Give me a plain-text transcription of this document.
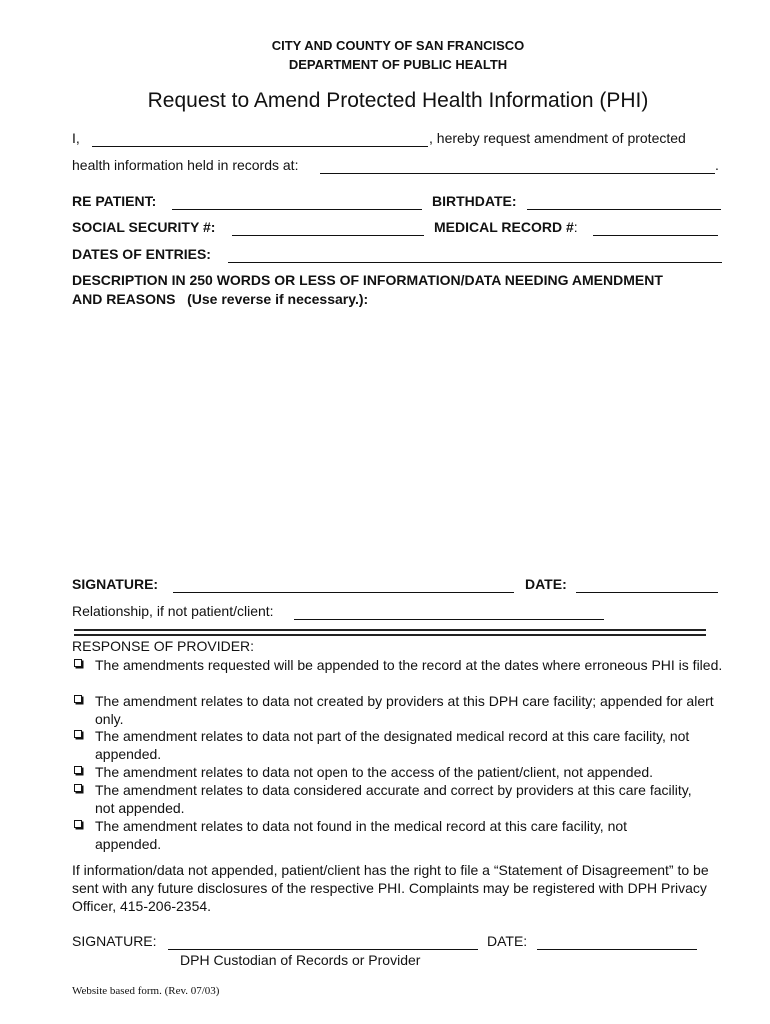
CITY AND COUNTY OF SAN FRANCISCO
DEPARTMENT OF PUBLIC HEALTH
Request to Amend Protected Health Information (PHI)
I,	, hereby request amendment of protected
health information held in records at:	.
RE PATIENT:	BIRTHDATE:
SOCIAL SECURITY #:	MEDICAL RECORD #:
DATES OF ENTRIES:
DESCRIPTION IN 250 WORDS OR LESS OF INFORMATION/DATA NEEDING AMENDMENT
AND REASONS   (Use reverse if necessary.):
SIGNATURE:	DATE:
Relationship, if not patient/client:
RESPONSE OF PROVIDER:
The amendments requested will be appended to the record at the dates where erroneous PHI is filed.
The amendment relates to data not created by providers at this DPH care facility; appended for alert only.
The amendment relates to data not part of the designated medical record at this care facility, not appended.
The amendment relates to data not open to the access of the patient/client, not appended.
The amendment relates to data considered accurate and correct by providers at this care facility, not appended.
The amendment relates to data not found in the medical record at this care facility, not appended.
If information/data not appended, patient/client has the right to file a “Statement of Disagreement” to be sent with any future disclosures of the respective PHI. Complaints may be registered with DPH Privacy Officer, 415-206-2354.
SIGNATURE:	DATE:
DPH Custodian of Records or Provider
Website based form. (Rev. 07/03)
